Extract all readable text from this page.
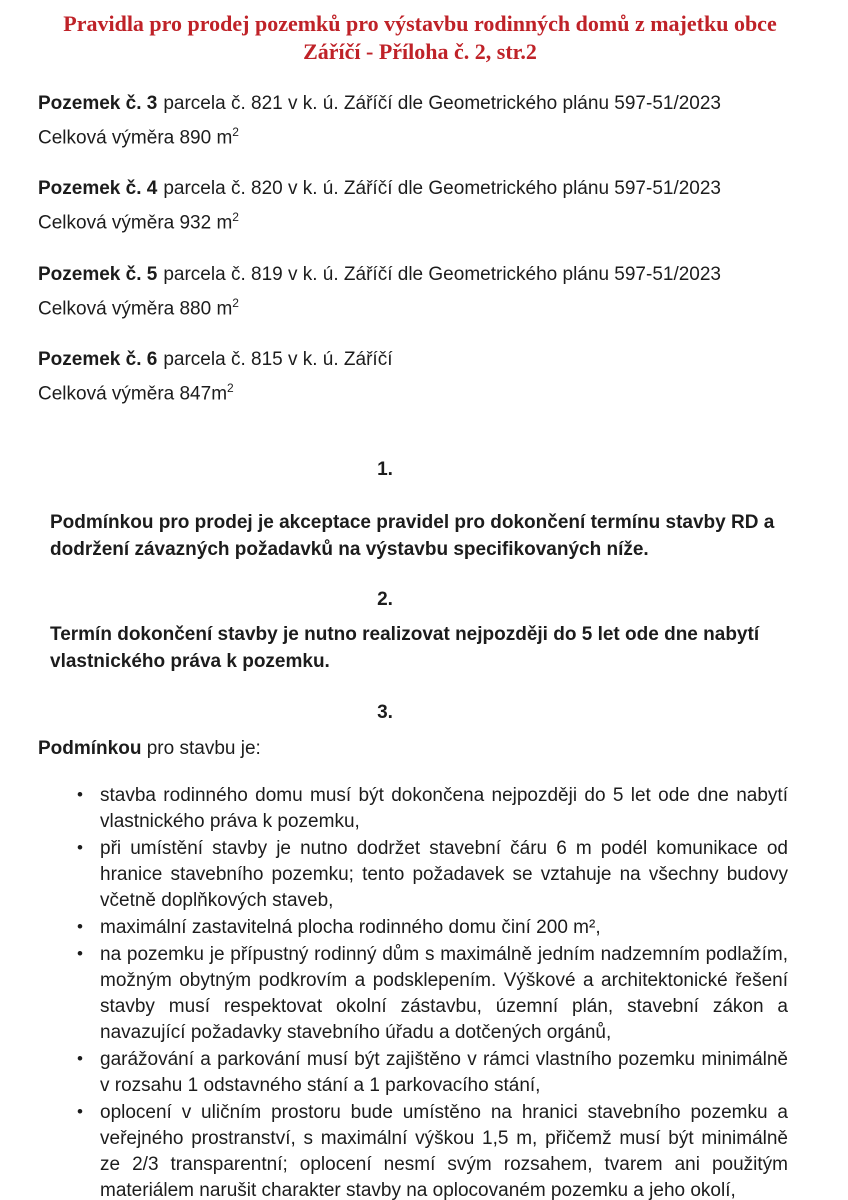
Pravidla pro prodej pozemků pro výstavbu rodinných domů z majetku obce
Záříčí - Příloha č. 2, str.2
Pozemek č. 3 parcela č. 821 v k. ú. Záříčí dle Geometrického plánu 597-51/2023
Celková výměra 890 $m^2$
Pozemek č. 4 parcela č. 820 v k. ú. Záříčí dle Geometrického plánu 597-51/2023
Celková výměra 932 $m^2$
Pozemek č. 5 parcela č. 819 v k. ú. Záříčí dle Geometrického plánu 597-51/2023
Celková výměra 880 $m^2$
Pozemek č. 6 parcela č. 815 v k. ú. Záříčí
Celková výměra $847m^2$
1.

Podmínkou pro prodej je akceptace pravidel pro dokončení termínu stavby RD a dodržení závazných požadavků na výstavbu specifikovaných níže.

2.

Termín dokončení stavby je nutno realizovat nejpozději do 5 let ode dne nabytí vlastnického práva k pozemku.

3.

Podmínkou pro stavbu je:

• stavba rodinného domu musí být dokončena nejpozději do 5 let ode dne nabytí vlastnického práva k pozemku,
• při umístění stavby je nutno dodržet stavební čáru 6 m podél komunikace od hranice stavebního pozemku; tento požadavek se vztahuje na všechny budovy včetně doplňkových staveb,
• maximální zastavitelná plocha rodinného domu činí 200 m²,
• na pozemku je přípustný rodinný dům s maximálně jedním nadzemním podlažím, možným obytným podkrovím a podsklepením. Výškové a architektonické řešení stavby musí respektovat okolní zástavbu, územní plán, stavební zákon a navazující požadavky stavebního úřadu a dotčených orgánů,
• garážování a parkování musí být zajištěno v rámci vlastního pozemku minimálně v rozsahu 1 odstavného stání a 1 parkovacího stání,
• oplocení v uličním prostoru bude umístěno na hranici stavebního pozemku a veřejného prostranství, s maximální výškou 1,5 m, přičemž musí být minimálně ze 2/3 transparentní; oplocení nesmí svým rozsahem, tvarem ani použitým materiálem narušit charakter stavby na oplocovaném pozemku a jeho okolí,
